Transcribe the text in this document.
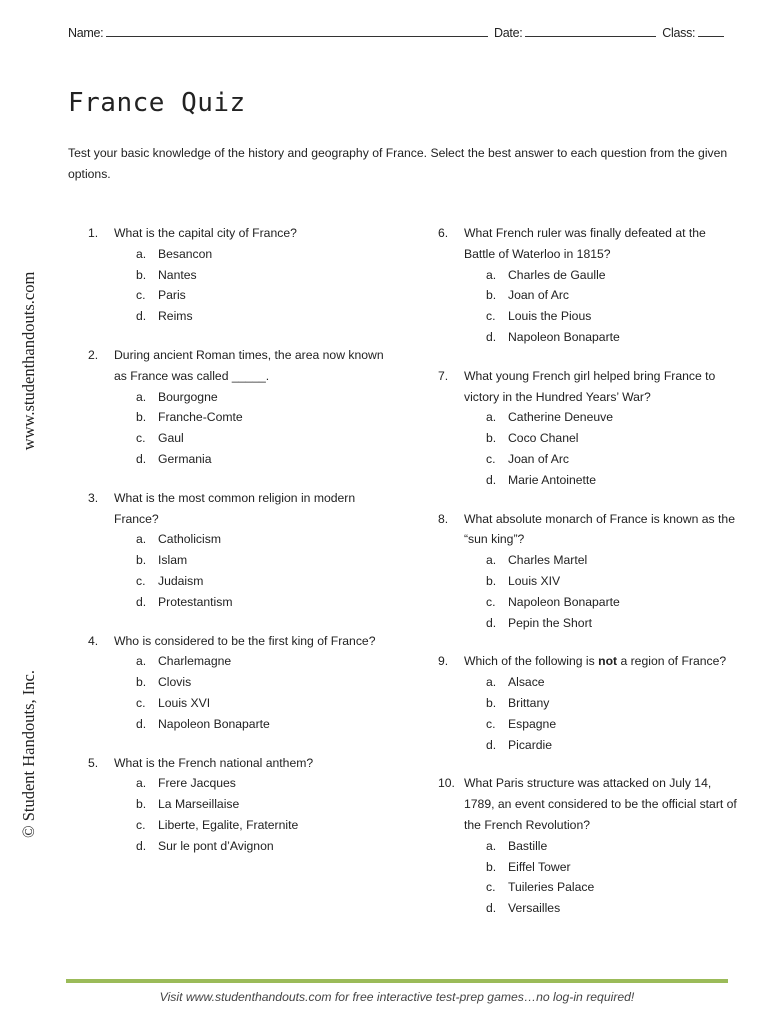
Name:	Date:	Class:
France Quiz

Test your basic knowledge of the history and geography of France. Select the best answer to each question from the given options.

www.studenthandouts.com
© Student Handouts, Inc.
1.	What is the capital city of France?
a. Besancon
b. Nantes
c.	Paris
d. Reims
2.	During ancient Roman times, the area now known as France was called _____.
a. Bourgogne
b. Franche-Comte
c.	Gaul
d. Germania
3.	What is the most common religion in modern France?
a. Catholicism
b. Islam
c.	Judaism
d. Protestantism
4.	Who is considered to be the first king of France?
a. Charlemagne
b. Clovis
c.	Louis XVI
d. Napoleon Bonaparte
5.	What is the French national anthem?
a. Frere Jacques
b. La Marseillaise
c.	Liberte, Egalite, Fraternite
d. Sur le pont d’Avignon
6.	What French ruler was finally defeated at the Battle of Waterloo in 1815?
a. Charles de Gaulle
b. Joan of Arc
c.	Louis the Pious
d. Napoleon Bonaparte
7.	What young French girl helped bring France to victory in the Hundred Years’ War?
a. Catherine Deneuve
b. Coco Chanel
c.	Joan of Arc
d. Marie Antoinette
8.	What absolute monarch of France is known as the “sun king”?
a. Charles Martel
b. Louis XIV
c.	Napoleon Bonaparte
d. Pepin the Short
9.	Which of the following is not a region of France?
a. Alsace
b. Brittany
c.	Espagne
d. Picardie
10. What Paris structure was attacked on July 14, 1789, an event considered to be the official start of the French Revolution?
a. Bastille
b. Eiffel Tower
c.	Tuileries Palace
d. Versailles
Visit www.studenthandouts.com for free interactive test-prep games…no log-in required!
